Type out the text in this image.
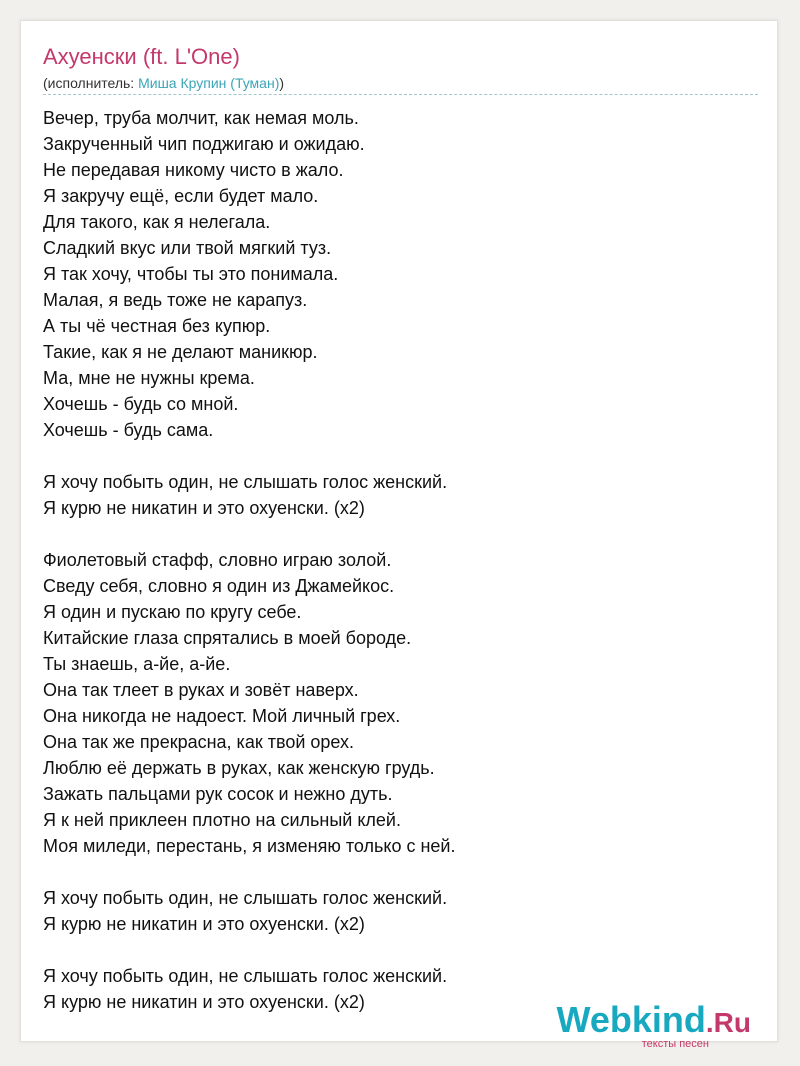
Ахуенски (ft. L'One)
(исполнитель: Миша Крупин (Туман))
Вечер, труба молчит, как немая моль.
Закрученный чип поджигаю и ожидаю.
Не передавая никому чисто в жало.
Я закручу ещё, если будет мало.
Для такого, как я нелегала.
Сладкий вкус или твой мягкий туз.
Я так хочу, чтобы ты это понимала.
Малая, я ведь тоже не карапуз.
А ты чё честная без купюр.
Такие, как я не делают маникюр.
Ма, мне не нужны крема.
Хочешь - будь со мной.
Хочешь - будь сама.
Я хочу побыть один, не слышать голос женский.
Я курю не никатин и это охуенски. (x2)
Фиолетовый стафф, словно играю золой.
Сведу себя, словно я один из Джамейкос.
Я один и пускаю по кругу себе.
Китайские глаза спрятались в моей бороде.
Ты знаешь, а-йе, а-йе.
Она так тлеет в руках и зовёт наверх.
Она никогда не надоест. Мой личный грех.
Она так же прекрасна, как твой орех.
Люблю её держать в руках, как женскую грудь.
Зажать пальцами рук сосок и нежно дуть.
Я к ней приклеен плотно на сильный клей.
Моя миледи, перестань, я изменяю только с ней.
Я хочу побыть один, не слышать голос женский.
Я курю не никатин и это охуенски. (x2)
Я хочу побыть один, не слышать голос женский.
Я курю не никатин и это охуенски. (x2)	Webkind.Ru
тексты песен
